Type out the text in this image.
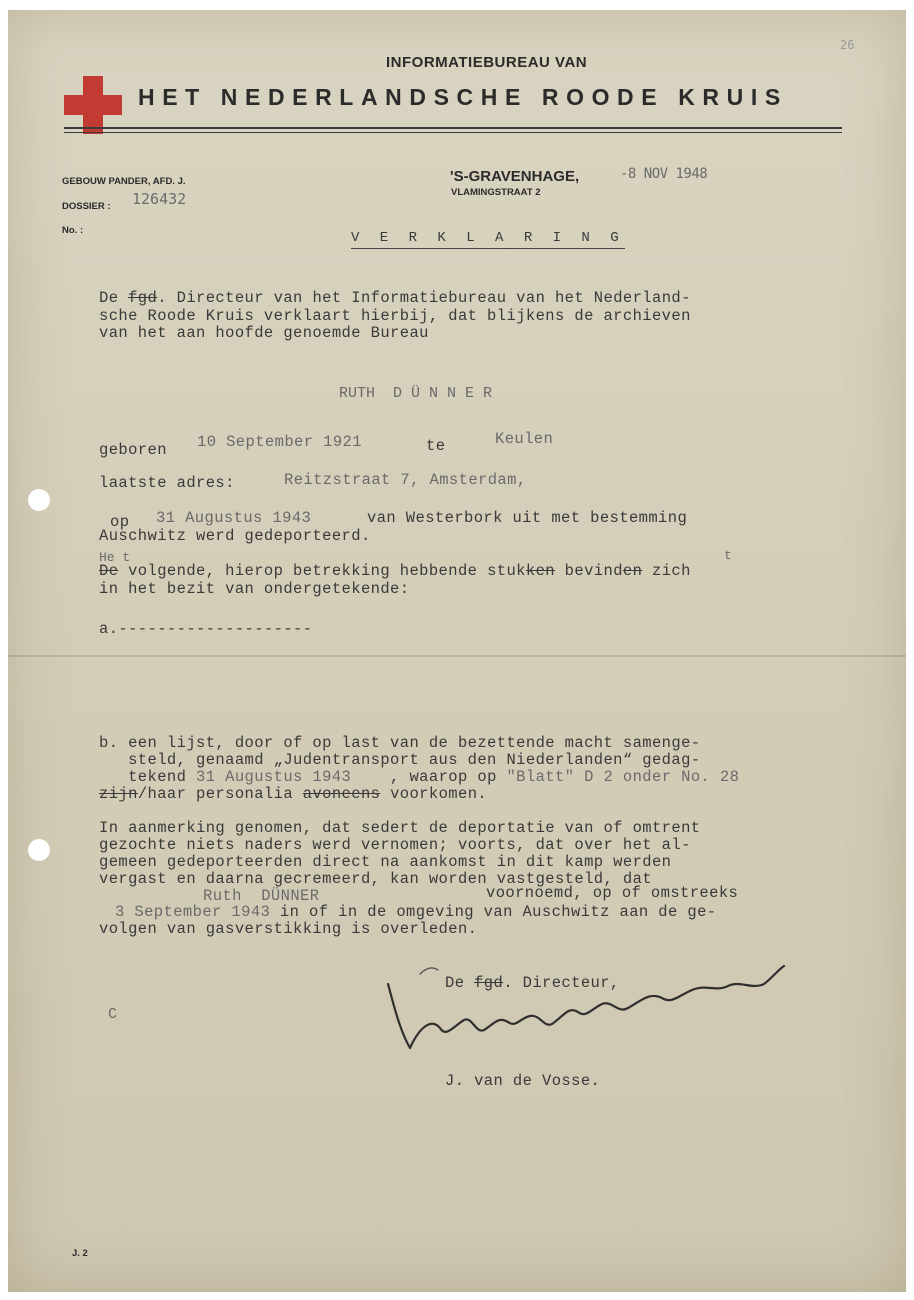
26
INFORMATIEBUREAU VAN
HET NEDERLANDSCHE ROODE KRUIS
GEBOUW PANDER, AFD. J.
DOSSIER : 126432
No. :
'S-GRAVENHAGE,
VLAMINGSTRAAT 2
-8 NOV 1948
V E R K L A R I N G
De fgd. Directeur van het Informatiebureau van het Nederland-
sche Roode Kruis verklaart hierbij, dat blijkens de archieven
van het aan hoofde genoemde Bureau
RUTH  D Ü N N E R
geboren 10 September 1921	te	Keulen
laatste adres:	Reitzstraat 7, Amsterdam,
op 31 Augustus 1943	van Westerbork uit met bestemming
Auschwitz werd gedeporteerd.
He t	t
De volgende, hierop betrekking hebbende stukken bevinden zich
in het bezit van ondergetekende:
a.--------------------
b. een lijst, door of op last van de bezettende macht samenge-
steld, genaamd „Judentransport aus den Niederlanden“ gedag-
tekend 31 Augustus 1943    , waarop op "Blatt" D 2 onder No. 28
zijn/haar personalia avoneens voorkomen.
In aanmerking genomen, dat sedert de deportatie van of omtrent
gezochte niets naders werd vernomen; voorts, dat over het al-
gemeen gedeporteerden direct na aankomst in dit kamp werden
vergast en daarna gecremeerd, kan worden vastgesteld, dat
Ruth  DÜNNER	voornoemd, op of omstreeks
3 September 1943 in of in de omgeving van Auschwitz aan de ge-
volgen van gasverstikking is overleden.
De fgd. Directeur,
J. van de Vosse.
C
J. 2
